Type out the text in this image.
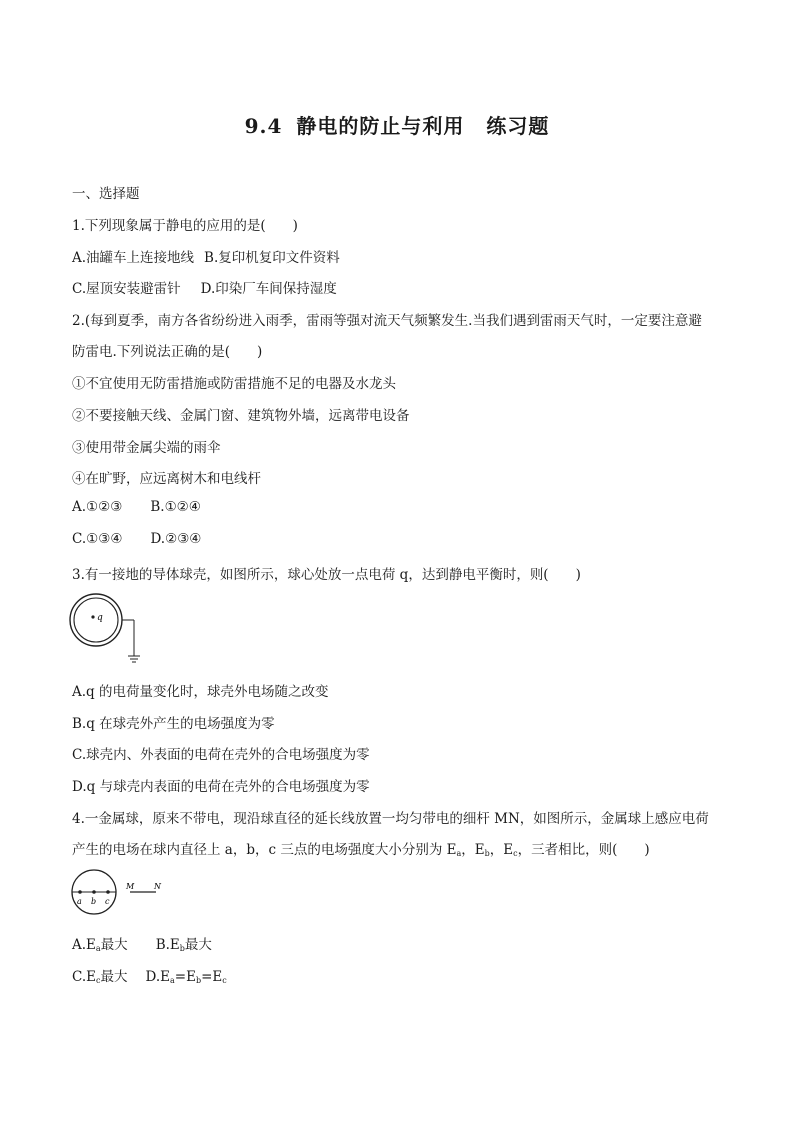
9.4 静电的防止与利用 练习题
一、选择题
1.下列现象属于静电的应用的是(　　)
A.油罐车上连接地线 B.复印机复印文件资料
C.屋顶安装避雷针 D.印染厂车间保持湿度
2.(每到夏季，南方各省纷纷进入雨季，雷雨等强对流天气频繁发生.当我们遇到雷雨天气时，一定要注意避
防雷电.下列说法正确的是(　　)
①不宜使用无防雷措施或防雷措施不足的电器及水龙头
②不要接触天线、金属门窗、建筑物外墙，远离带电设备
③使用带金属尖端的雨伞
④在旷野，应远离树木和电线杆
A.①②③ B.①②④
C.①③④ D.②③④
3.有一接地的导体球壳，如图所示，球心处放一点电荷 q，达到静电平衡时，则(　　)
q
A.q 的电荷量变化时，球壳外电场随之改变
B.q 在球壳外产生的电场强度为零
C.球壳内、外表面的电荷在壳外的合电场强度为零
D.q 与球壳内表面的电荷在壳外的合电场强度为零
4.一金属球，原来不带电，现沿球直径的延长线放置一均匀带电的细杆 MN，如图所示，金属球上感应电荷
产生的电场在球内直径上 a，b，c 三点的电场强度大小分别为 Ea，Eb，Ec，三者相比，则(　　)
a b c
M N
A.Ea最大 B.Eb最大
C.Ec最大 D.Ea=Eb=Ec
